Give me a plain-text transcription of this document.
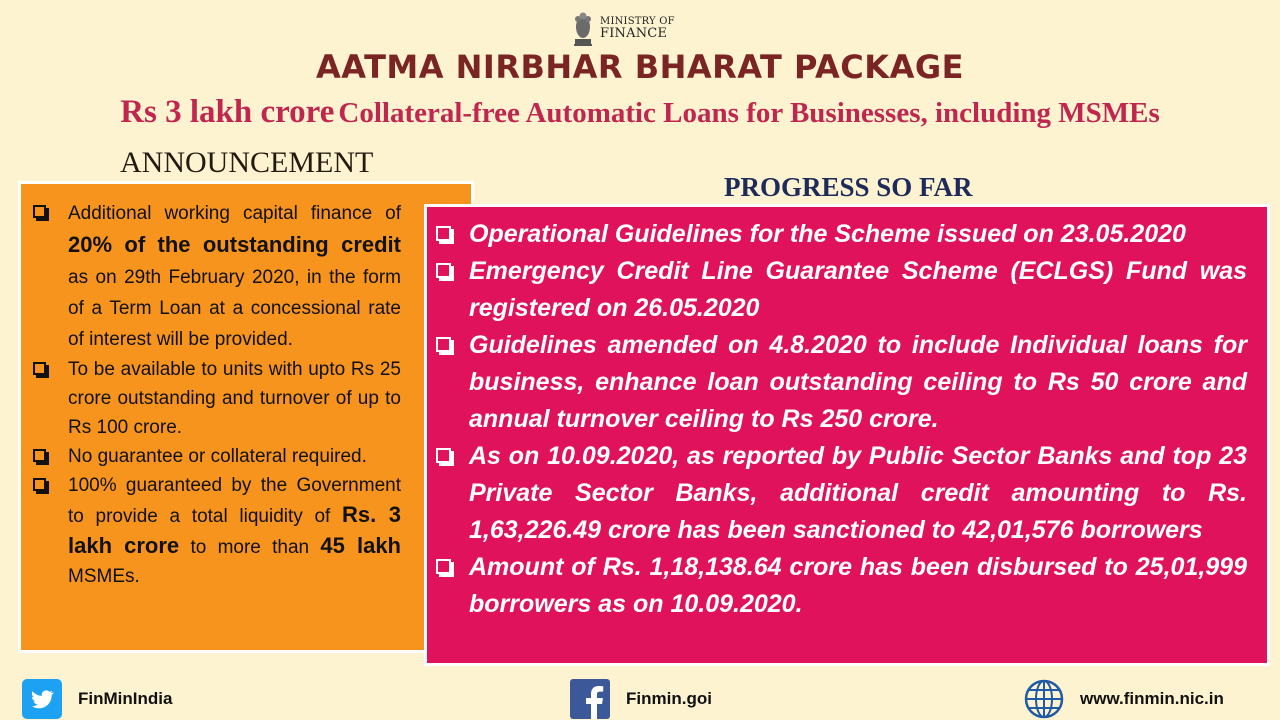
MINISTRY OF
FINANCE
AATMA NIRBHAR BHARAT PACKAGE
Rs 3 lakh crore Collateral-free Automatic Loans for Businesses, including MSMEs
ANNOUNCEMENT
PROGRESS SO FAR
Additional working capital finance of 20% of the outstanding credit as on 29th February 2020, in the form of a Term Loan at a concessional rate of interest will be provided.
To be available to units with upto Rs 25 crore outstanding and turnover of up to Rs 100 crore.
No guarantee or collateral required.
100% guaranteed by the Government to provide a total liquidity of Rs. 3 lakh crore to more than 45 lakh MSMEs.
Operational Guidelines for the Scheme issued on 23.05.2020
Emergency Credit Line Guarantee Scheme (ECLGS) Fund was registered on 26.05.2020
Guidelines amended on 4.8.2020 to include Individual loans for business, enhance loan outstanding ceiling to Rs 50 crore and annual turnover ceiling to Rs 250 crore.
As on 10.09.2020, as reported by Public Sector Banks and top 23 Private Sector Banks, additional credit amounting to Rs. 1,63,226.49 crore has been sanctioned to 42,01,576 borrowers
Amount of Rs. 1,18,138.64 crore has been disbursed to 25,01,999 borrowers as on 10.09.2020.
FinMinIndia	Finmin.goi	www.finmin.nic.in
